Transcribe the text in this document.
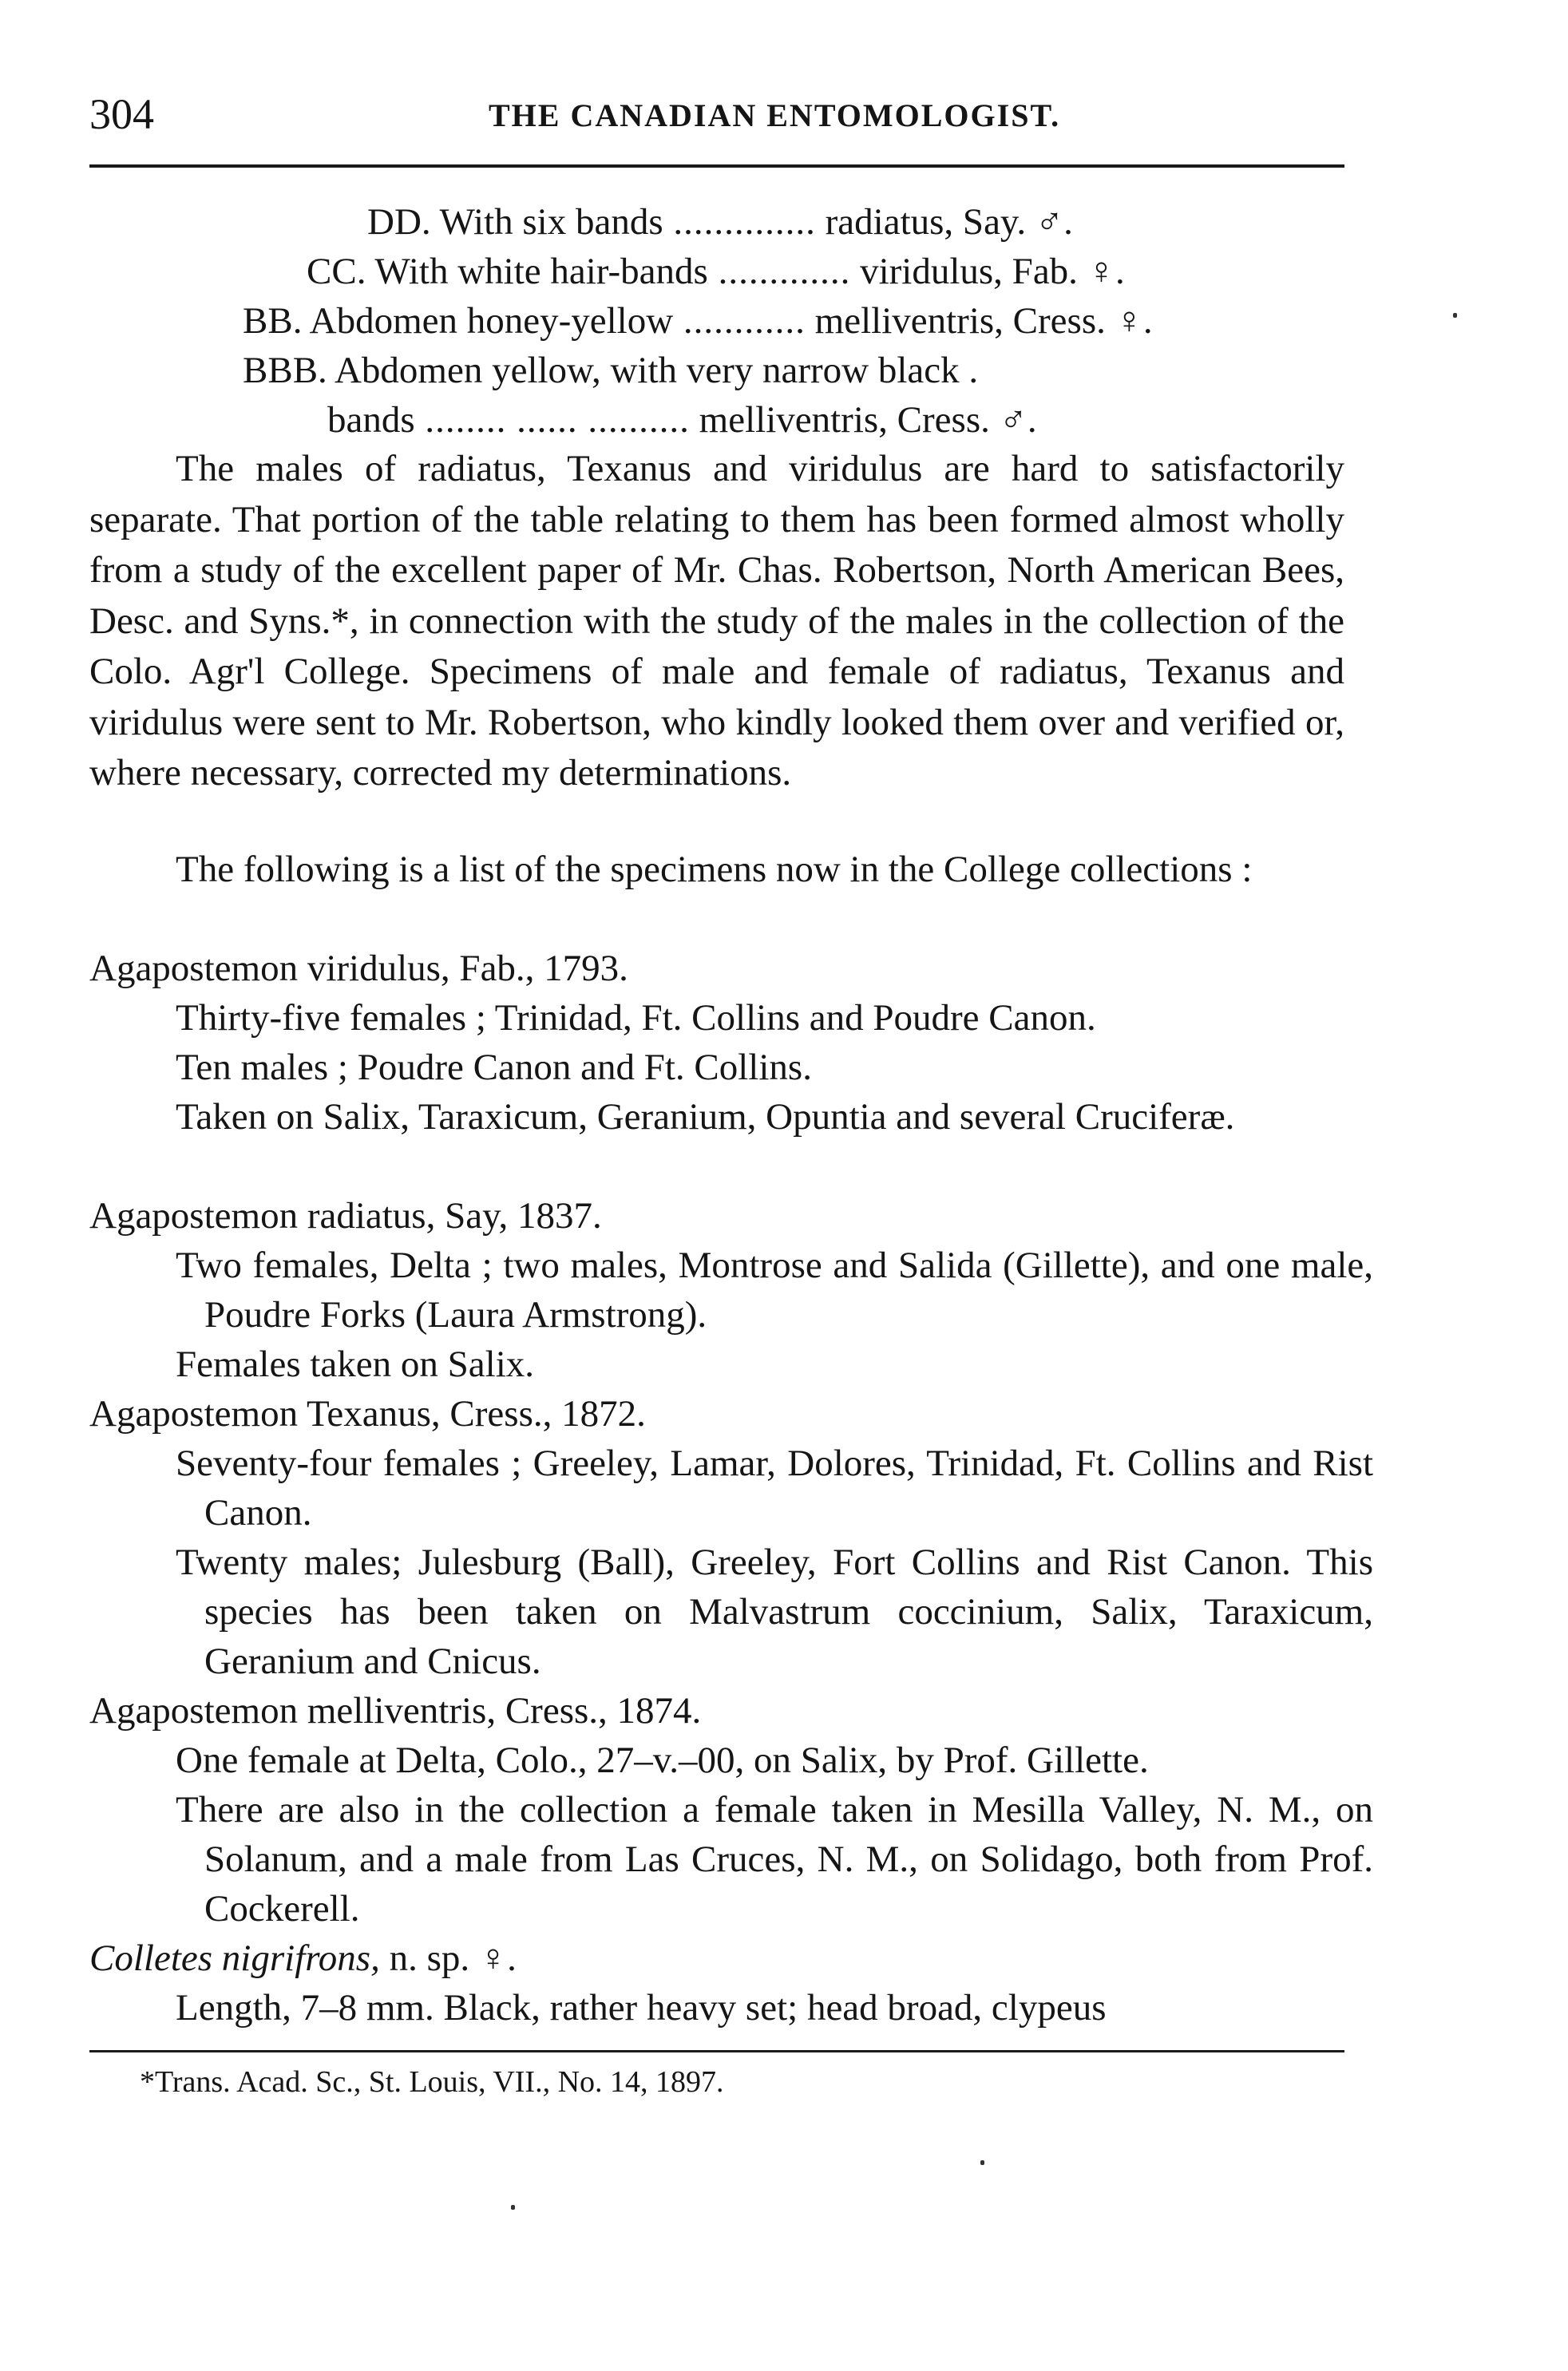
304	THE CANADIAN ENTOMOLOGIST.
DD. With six bands .............. radiatus, Say. ♂.
CC. With white hair-bands ............. viridulus, Fab. ♀.
BB. Abdomen honey-yellow ............ melliventris, Cress. ♀.
BBB. Abdomen yellow, with very narrow black .
bands ........ ...... .......... melliventris, Cress. ♂.
The males of radiatus, Texanus and viridulus are hard to satisfactorily separate. That portion of the table relating to them has been formed almost wholly from a study of the excellent paper of Mr. Chas. Robertson, North American Bees, Desc. and Syns.*, in connection with the study of the males in the collection of the Colo. Agr'l College. Specimens of male and female of radiatus, Texanus and viridulus were sent to Mr. Robertson, who kindly looked them over and verified or, where necessary, corrected my determinations.
The following is a list of the specimens now in the College collections :
Agapostemon viridulus, Fab., 1793.
Thirty-five females ; Trinidad, Ft. Collins and Poudre Canon.
Ten males ; Poudre Canon and Ft. Collins.
Taken on Salix, Taraxicum, Geranium, Opuntia and several Cruciferæ.
Agapostemon radiatus, Say, 1837.
Two females, Delta ; two males, Montrose and Salida (Gillette), and one male, Poudre Forks (Laura Armstrong).
Females taken on Salix.
Agapostemon Texanus, Cress., 1872.
Seventy-four females ; Greeley, Lamar, Dolores, Trinidad, Ft. Collins and Rist Canon.
Twenty males; Julesburg (Ball), Greeley, Fort Collins and Rist Canon. This species has been taken on Malvastrum coccinium, Salix, Taraxicum, Geranium and Cnicus.
Agapostemon melliventris, Cress., 1874.
One female at Delta, Colo., 27–v.–00, on Salix, by Prof. Gillette.
There are also in the collection a female taken in Mesilla Valley, N. M., on Solanum, and a male from Las Cruces, N. M., on Solidago, both from Prof. Cockerell.
Colletes nigrifrons, n. sp. ♀.
Length, 7–8 mm. Black, rather heavy set; head broad, clypeus
*Trans. Acad. Sc., St. Louis, VII., No. 14, 1897.
